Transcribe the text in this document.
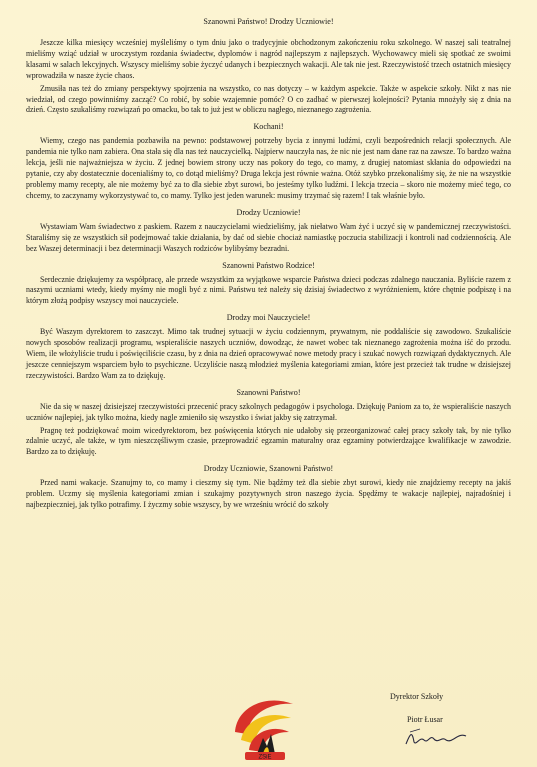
Szanowni Państwo! Drodzy Uczniowie!

Jeszcze kilka miesięcy wcześniej myśleliśmy o tym dniu jako o tradycyjnie obchodzonym zakończeniu roku szkolnego. W naszej sali teatralnej mieliśmy wziąć udział w uroczystym rozdania świadectw, dyplomów i nagród najlepszym z najlepszych. Wychowawcy mieli się spotkać ze swoimi klasami w salach lekcyjnych. Wszyscy mieliśmy sobie życzyć udanych i bezpiecznych wakacji. Ale tak nie jest. Rzeczywistość trzech ostatnich miesięcy wprowadziła w nasze życie chaos.

Zmusiła nas też do zmiany perspektywy spojrzenia na wszystko, co nas dotyczy – w każdym aspekcie. Także w aspekcie szkoły. Nikt z nas nie wiedział, od czego powinniśmy zacząć? Co robić, by sobie wzajemnie pomóc? O co zadbać w pierwszej kolejności? Pytania mnożyły się z dnia na dzień. Często szukaliśmy rozwiązań po omacku, bo tak to już jest w obliczu nagłego, nieznanego zagrożenia.

Kochani!

Wiemy, czego nas pandemia pozbawiła na pewno: podstawowej potrzeby bycia z innymi ludźmi, czyli bezpośrednich relacji społecznych. Ale pandemia nie tylko nam zabiera. Ona stała się dla nas też nauczycielką. Najpierw nauczyła nas, że nic nie jest nam dane raz na zawsze. To bardzo ważna lekcja, jeśli nie najważniejsza w życiu. Z jednej bowiem strony uczy nas pokory do tego, co mamy, z drugiej natomiast skłania do odpowiedzi na pytanie, czy aby dostatecznie docenialiśmy to, co dotąd mieliśmy? Druga lekcja jest równie ważna. Otóż szybko przekonaliśmy się, że nie na wszystkie problemy mamy recepty, ale nie możemy być za to dla siebie zbyt surowi, bo jesteśmy tylko ludźmi. I lekcja trzecia – skoro nie możemy mieć tego, co chcemy, to zaczynamy wykorzystywać to, co mamy. Tylko jest jeden warunek: musimy trzymać się razem! I tak właśnie było.

Drodzy Uczniowie!

Wystawiam Wam świadectwo z paskiem. Razem z nauczycielami wiedzieliśmy, jak niełatwo Wam żyć i uczyć się w pandemicznej rzeczywistości. Staraliśmy się ze wszystkich sił podejmować takie działania, by dać od siebie chociaż namiastkę poczucia stabilizacji i kontroli nad codziennością. Ale bez Waszej determinacji i bez determinacji Waszych rodziców bylibyśmy bezradni.

Szanowni Państwo Rodzice!

Serdecznie dziękujemy za współpracę, ale przede wszystkim za wyjątkowe wsparcie Państwa dzieci podczas zdalnego nauczania. Byliście razem z naszymi uczniami wtedy, kiedy myśmy nie mogli być z nimi. Państwu też należy się dzisiaj świadectwo z wyróżnieniem, które chętnie podpiszę i na którym złożą podpisy wszyscy moi nauczyciele.

Drodzy moi Nauczyciele!

Być Waszym dyrektorem to zaszczyt. Mimo tak trudnej sytuacji w życiu codziennym, prywatnym, nie poddaliście się zawodowo. Szukaliście nowych sposobów realizacji programu, wspieraliście naszych uczniów, dowodząc, że nawet wobec tak nieznanego zagrożenia można iść do przodu. Wiem, ile włożyliście trudu i poświęciliście czasu, by z dnia na dzień opracowywać nowe metody pracy i szukać nowych rozwiązań dydaktycznych. Ale jeszcze cenniejszym wsparciem było to psychiczne. Uczyliście naszą młodzież myślenia kategoriami zmian, które jest przecież tak trudne w dzisiejszej rzeczywistości. Bardzo Wam za to dziękuję.

Szanowni Państwo!

Nie da się w naszej dzisiejszej rzeczywistości przecenić pracy szkolnych pedagogów i psychologa. Dziękuję Paniom za to, że wspieraliście naszych uczniów najlepiej, jak tylko można, kiedy nagle zmieniło się wszystko i świat jakby się zatrzymał.

Pragnę też podziękować moim wicedyrektorom, bez poświęcenia których nie udałoby się przeorganizować całej pracy szkoły tak, by nie tylko zdalnie uczyć, ale także, w tym nieszczęśliwym czasie, przeprowadzić egzamin maturalny oraz egzaminy potwierdzające kwalifikacje w zawodzie. Bardzo za to dziękuję.

Drodzy Uczniowie, Szanowni Państwo!

Przed nami wakacje. Szanujmy to, co mamy i cieszmy się tym. Nie bądźmy też dla siebie zbyt surowi, kiedy nie znajdziemy recepty na jakiś problem. Uczmy się myślenia kategoriami zmian i szukajmy pozytywnych stron naszego życia. Spędźmy te wakacje najlepiej, najradośniej i najbezpieczniej, jak tylko potrafimy. I życzmy sobie wszyscy, by we wrześniu wrócić do szkoły

ZSiE
Dyrektor Szkoły
Piotr Łusar
